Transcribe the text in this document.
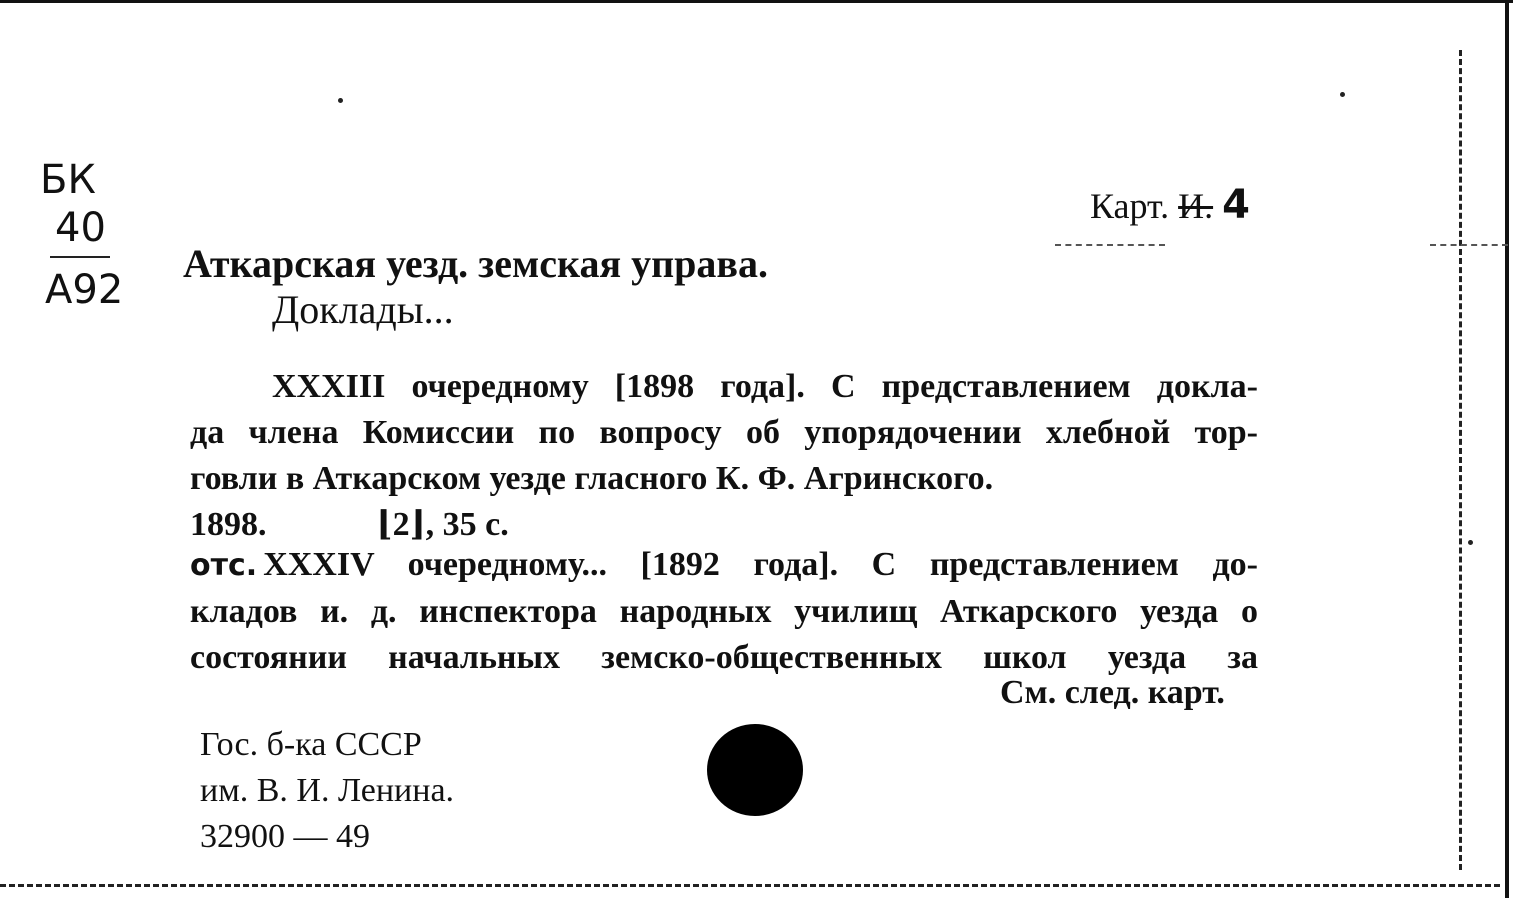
БК
40
А92
Карт. И. 4
Аткарская уезд. земская управа.
Доклады...
XXXIII очередному [1898 года]. С представлением докла-
да члена Комиссии по вопросу об упорядочении хлебной тор-
говли в Аткарском уезде гласного К. Ф. Агринского.
1898.	⌊2⌋, 35 с.
отс. XXXIV очередному... [1892 года]. С представлением до-
кладов и. д. инспектора народных училищ Аткарского уезда о
состоянии начальных земско-общественных школ уезда за
См. след. карт.
Гос. б-ка СССР
им. В. И. Ленина.
32900 — 49
